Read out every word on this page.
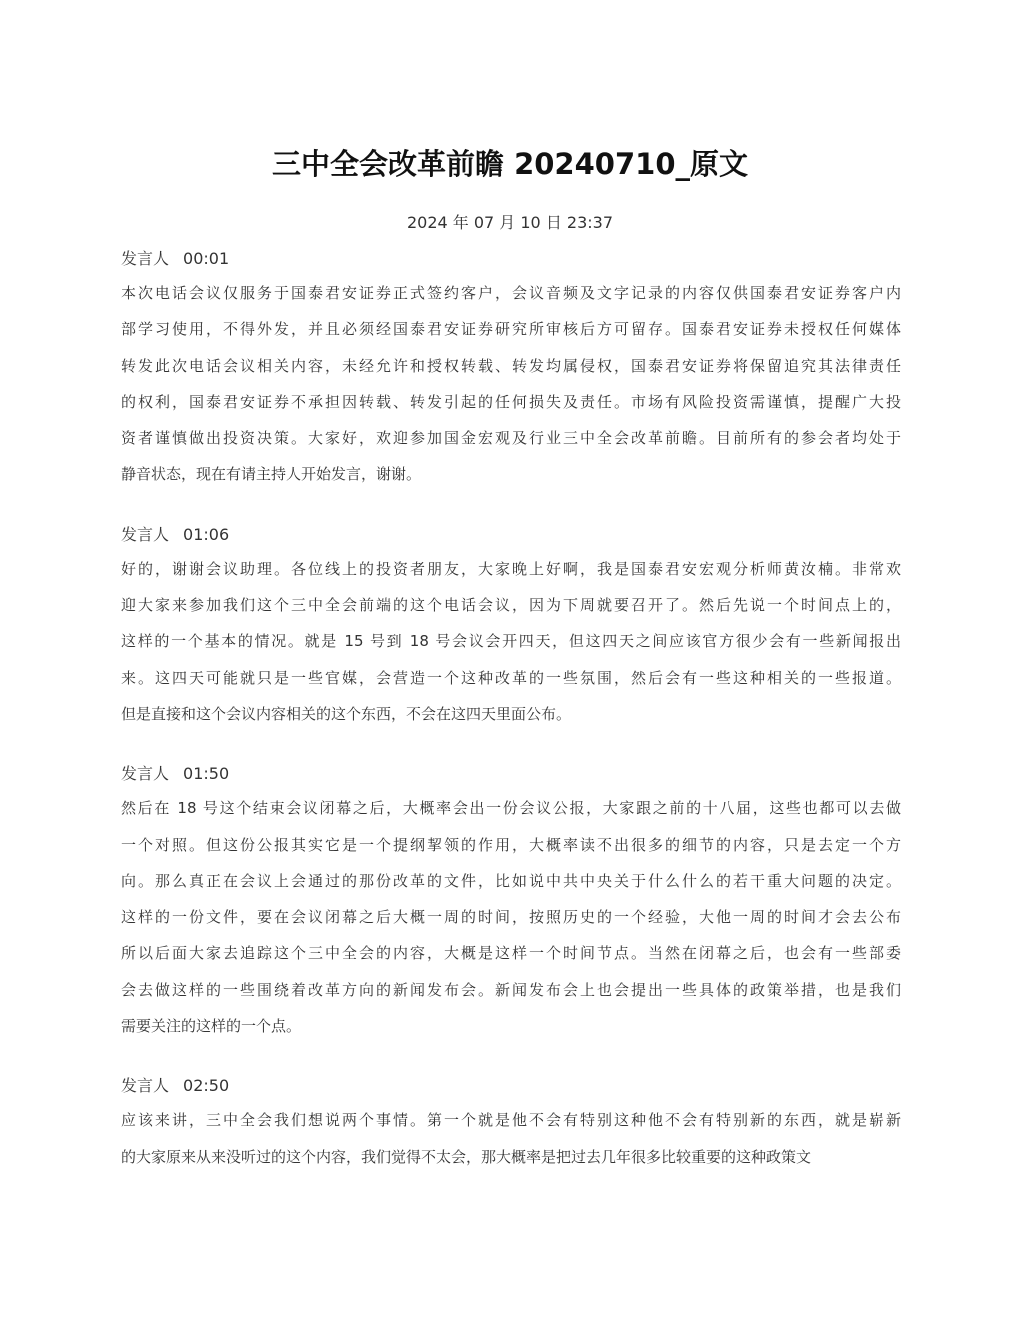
三中全会改革前瞻 20240710_原文
2024 年 07 月 10 日 23:37
发言人 00:01
本次电话会议仅服务于国泰君安证券正式签约客户，会议音频及文字记录的内容仅供国泰君安证券客户内
部学习使用，不得外发，并且必须经国泰君安证券研究所审核后方可留存。国泰君安证券未授权任何媒体
转发此次电话会议相关内容，未经允许和授权转载、转发均属侵权，国泰君安证券将保留追究其法律责任
的权利，国泰君安证券不承担因转载、转发引起的任何损失及责任。市场有风险投资需谨慎，提醒广大投
资者谨慎做出投资决策。大家好，欢迎参加国金宏观及行业三中全会改革前瞻。目前所有的参会者均处于
静音状态，现在有请主持人开始发言，谢谢。
发言人 01:06
好的，谢谢会议助理。各位线上的投资者朋友，大家晚上好啊，我是国泰君安宏观分析师黄汝楠。非常欢
迎大家来参加我们这个三中全会前端的这个电话会议，因为下周就要召开了。然后先说一个时间点上的，
这样的一个基本的情况。就是 15 号到 18 号会议会开四天，但这四天之间应该官方很少会有一些新闻报出
来。这四天可能就只是一些官媒，会营造一个这种改革的一些氛围，然后会有一些这种相关的一些报道。
但是直接和这个会议内容相关的这个东西，不会在这四天里面公布。
发言人 01:50
然后在 18 号这个结束会议闭幕之后，大概率会出一份会议公报，大家跟之前的十八届，这些也都可以去做
一个对照。但这份公报其实它是一个提纲挈领的作用，大概率读不出很多的细节的内容，只是去定一个方
向。那么真正在会议上会通过的那份改革的文件，比如说中共中央关于什么什么的若干重大问题的决定。
这样的一份文件，要在会议闭幕之后大概一周的时间，按照历史的一个经验，大他一周的时间才会去公布
所以后面大家去追踪这个三中全会的内容，大概是这样一个时间节点。当然在闭幕之后，也会有一些部委
会去做这样的一些围绕着改革方向的新闻发布会。新闻发布会上也会提出一些具体的政策举措，也是我们
需要关注的这样的一个点。
发言人 02:50
应该来讲，三中全会我们想说两个事情。第一个就是他不会有特别这种他不会有特别新的东西，就是崭新
的大家原来从来没听过的这个内容，我们觉得不太会，那大概率是把过去几年很多比较重要的这种政策文
